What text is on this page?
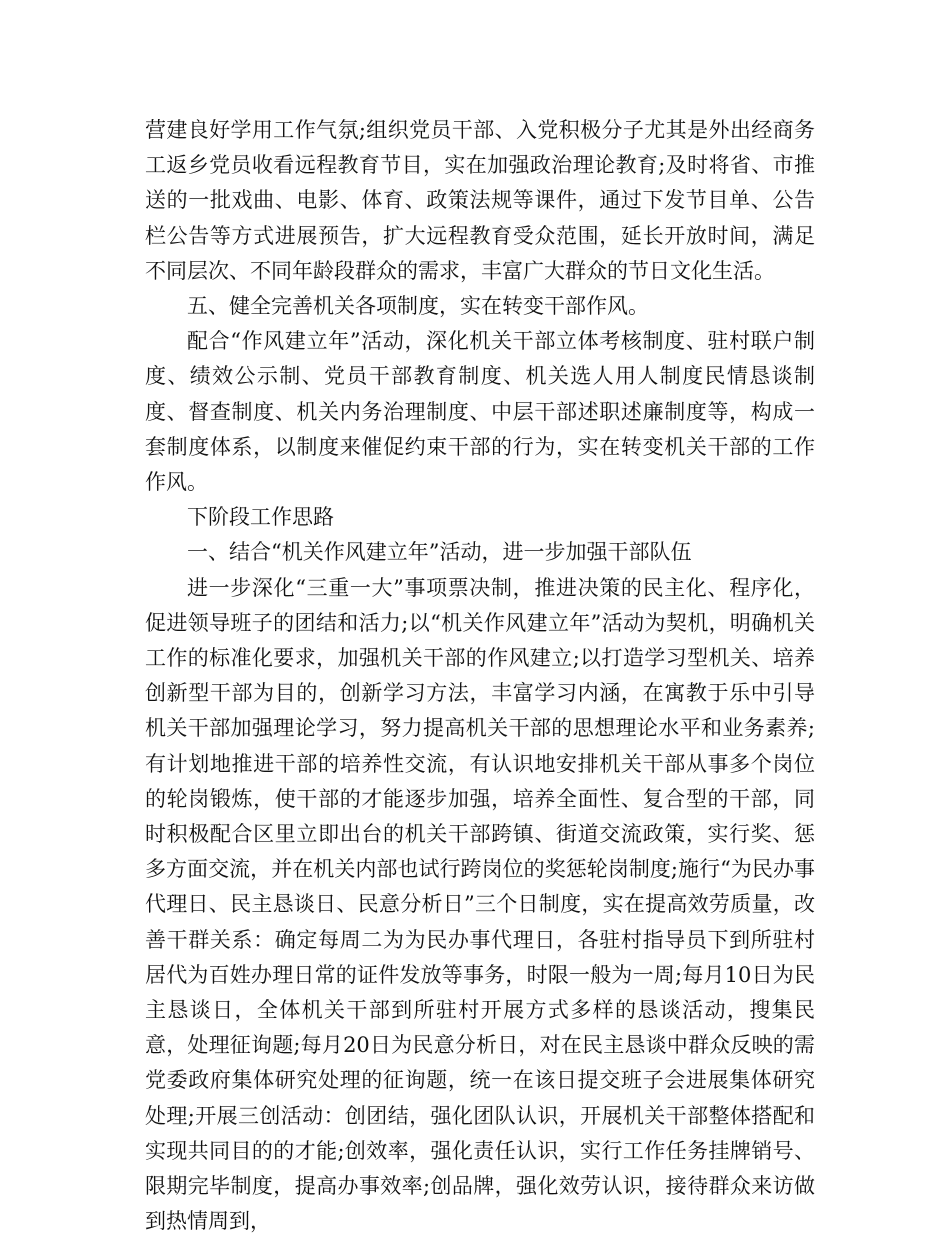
营建良好学用工作气氛;组织党员干部、入党积极分子尤其是外出经商务工返乡党员收看远程教育节目，实在加强政治理论教育;及时将省、市推送的一批戏曲、电影、体育、政策法规等课件，通过下发节目单、公告栏公告等方式进展预告，扩大远程教育受众范围，延长开放时间，满足不同层次、不同年龄段群众的需求，丰富广大群众的节日文化生活。

五、健全完善机关各项制度，实在转变干部作风。

配合“作风建立年”活动，深化机关干部立体考核制度、驻村联户制度、绩效公示制、党员干部教育制度、机关选人用人制度民情恳谈制度、督查制度、机关内务治理制度、中层干部述职述廉制度等，构成一套制度体系，以制度来催促约束干部的行为，实在转变机关干部的工作作风。

下阶段工作思路

一、结合“机关作风建立年”活动，进一步加强干部队伍

进一步深化“三重一大”事项票决制，推进决策的民主化、程序化，促进领导班子的团结和活力;以“机关作风建立年”活动为契机，明确机关工作的标准化要求，加强机关干部的作风建立;以打造学习型机关、培养创新型干部为目的，创新学习方法，丰富学习内涵，在寓教于乐中引导机关干部加强理论学习，努力提高机关干部的思想理论水平和业务素养;有计划地推进干部的培养性交流，有认识地安排机关干部从事多个岗位的轮岗锻炼，使干部的才能逐步加强，培养全面性、复合型的干部，同时积极配合区里立即出台的机关干部跨镇、街道交流政策，实行奖、惩多方面交流，并在机关内部也试行跨岗位的奖惩轮岗制度;施行“为民办事代理日、民主恳谈日、民意分析日”三个日制度，实在提高效劳质量，改善干群关系：确定每周二为为民办事代理日，各驻村指导员下到所驻村居代为百姓办理日常的证件发放等事务，时限一般为一周;每月10日为民主恳谈日，全体机关干部到所驻村开展方式多样的恳谈活动，搜集民意，处理征询题;每月20日为民意分析日，对在民主恳谈中群众反映的需党委政府集体研究处理的征询题，统一在该日提交班子会进展集体研究处理;开展三创活动：创团结，强化团队认识，开展机关干部整体搭配和实现共同目的的才能;创效率，强化责任认识，实行工作任务挂牌销号、限期完毕制度，提高办事效率;创品牌，强化效劳认识，接待群众来访做到热情周到，
